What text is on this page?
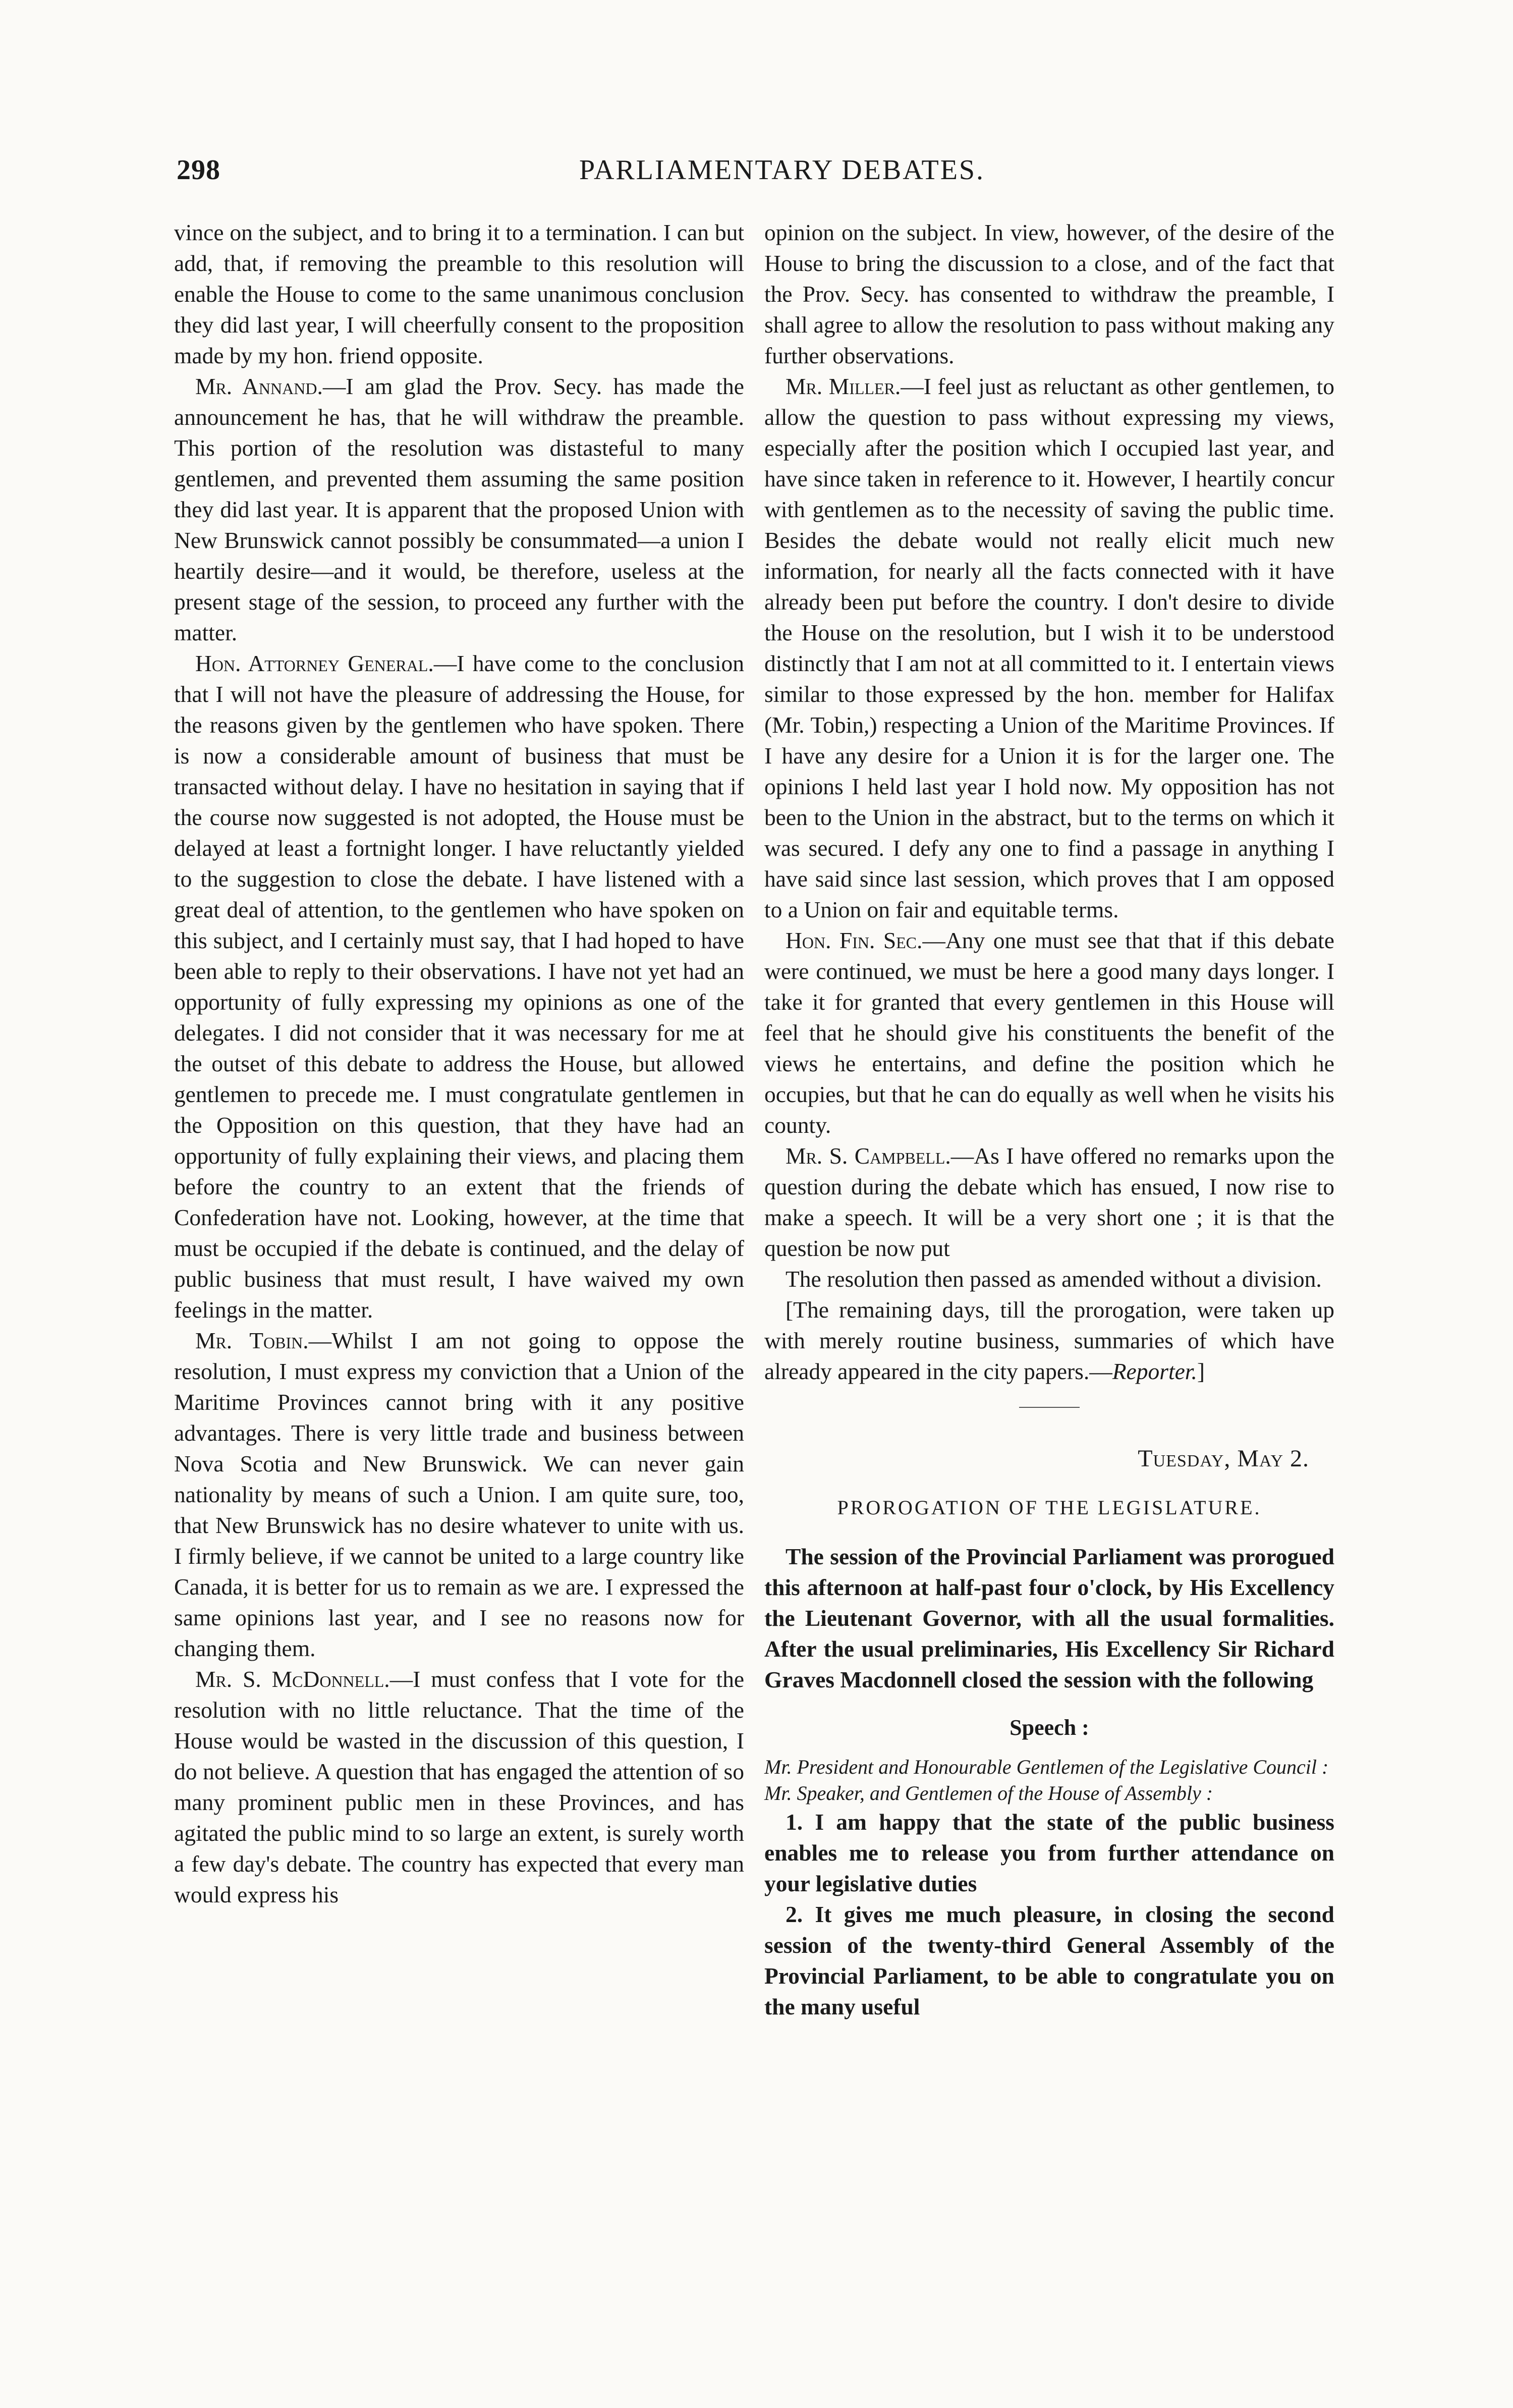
298	PARLIAMENTARY DEBATES.

vince on the subject, and to bring it to a termination. I can but add, that, if removing the preamble to this resolution will enable the House to come to the same unanimous conclusion they did last year, I will cheerfully consent to the proposition made by my hon. friend opposite.

Mr. Annand.—I am glad the Prov. Secy. has made the announcement he has, that he will withdraw the preamble. This portion of the resolution was distasteful to many gentlemen, and prevented them assuming the same position they did last year. It is apparent that the proposed Union with New Brunswick cannot possibly be consummated—a union I heartily desire—and it would, be therefore, useless at the present stage of the session, to proceed any further with the matter.

Hon. Attorney General.—I have come to the conclusion that I will not have the pleasure of addressing the House, for the reasons given by the gentlemen who have spoken. There is now a considerable amount of business that must be transacted without delay. I have no hesitation in saying that if the course now suggested is not adopted, the House must be delayed at least a fortnight longer. I have reluctantly yielded to the suggestion to close the debate. I have listened with a great deal of attention, to the gentlemen who have spoken on this subject, and I certainly must say, that I had hoped to have been able to reply to their observations. I have not yet had an opportunity of fully expressing my opinions as one of the delegates. I did not consider that it was necessary for me at the outset of this debate to address the House, but allowed gentlemen to precede me. I must congratulate gentlemen in the Opposition on this question, that they have had an opportunity of fully explaining their views, and placing them before the country to an extent that the friends of Confederation have not. Looking, however, at the time that must be occupied if the debate is continued, and the delay of public business that must result, I have waived my own feelings in the matter.

Mr. Tobin.—Whilst I am not going to oppose the resolution, I must express my conviction that a Union of the Maritime Provinces cannot bring with it any positive advantages. There is very little trade and business between Nova Scotia and New Brunswick. We can never gain nationality by means of such a Union. I am quite sure, too, that New Brunswick has no desire whatever to unite with us. I firmly believe, if we cannot be united to a large country like Canada, it is better for us to remain as we are. I expressed the same opinions last year, and I see no reasons now for changing them.

Mr. S. McDonnell.—I must confess that I vote for the resolution with no little reluctance. That the time of the House would be wasted in the discussion of this question, I do not believe. A question that has engaged the attention of so many prominent public men in these Provinces, and has agitated the public mind to so large an extent, is surely worth a few day's debate. The country has expected that every man would express his

opinion on the subject. In view, however, of the desire of the House to bring the discussion to a close, and of the fact that the Prov. Secy. has consented to withdraw the preamble, I shall agree to allow the resolution to pass without making any further observations.

Mr. Miller.—I feel just as reluctant as other gentlemen, to allow the question to pass without expressing my views, especially after the position which I occupied last year, and have since taken in reference to it. However, I heartily concur with gentlemen as to the necessity of saving the public time. Besides the debate would not really elicit much new information, for nearly all the facts connected with it have already been put before the country. I don't desire to divide the House on the resolution, but I wish it to be understood distinctly that I am not at all committed to it. I entertain views similar to those expressed by the hon. member for Halifax (Mr. Tobin,) respecting a Union of the Maritime Provinces. If I have any desire for a Union it is for the larger one. The opinions I held last year I hold now. My opposition has not been to the Union in the abstract, but to the terms on which it was secured. I defy any one to find a passage in anything I have said since last session, which proves that I am opposed to a Union on fair and equitable terms.

Hon. Fin. Sec.—Any one must see that that if this debate were continued, we must be here a good many days longer. I take it for granted that every gentlemen in this House will feel that he should give his constituents the benefit of the views he entertains, and define the position which he occupies, but that he can do equally as well when he visits his county.

Mr. S. Campbell.—As I have offered no remarks upon the question during the debate which has ensued, I now rise to make a speech. It will be a very short one ; it is that the question be now put

The resolution then passed as amended without a division.

[The remaining days, till the prorogation, were taken up with merely routine business, summaries of which have already appeared in the city papers.—Reporter.]

Tuesday, May 2.
PROROGATION OF THE LEGISLATURE.

The session of the Provincial Parliament was prorogued this afternoon at half-past four o'clock, by His Excellency the Lieutenant Governor, with all the usual formalities. After the usual preliminaries, His Excellency Sir Richard Graves Macdonnell closed the session with the following

Speech :

Mr. President and Honourable Gentlemen of the Legislative Council :

Mr. Speaker, and Gentlemen of the House of Assembly :

1. I am happy that the state of the public business enables me to release you from further attendance on your legislative duties

2. It gives me much pleasure, in closing the second session of the twenty-third General Assembly of the Provincial Parliament, to be able to congratulate you on the many useful
